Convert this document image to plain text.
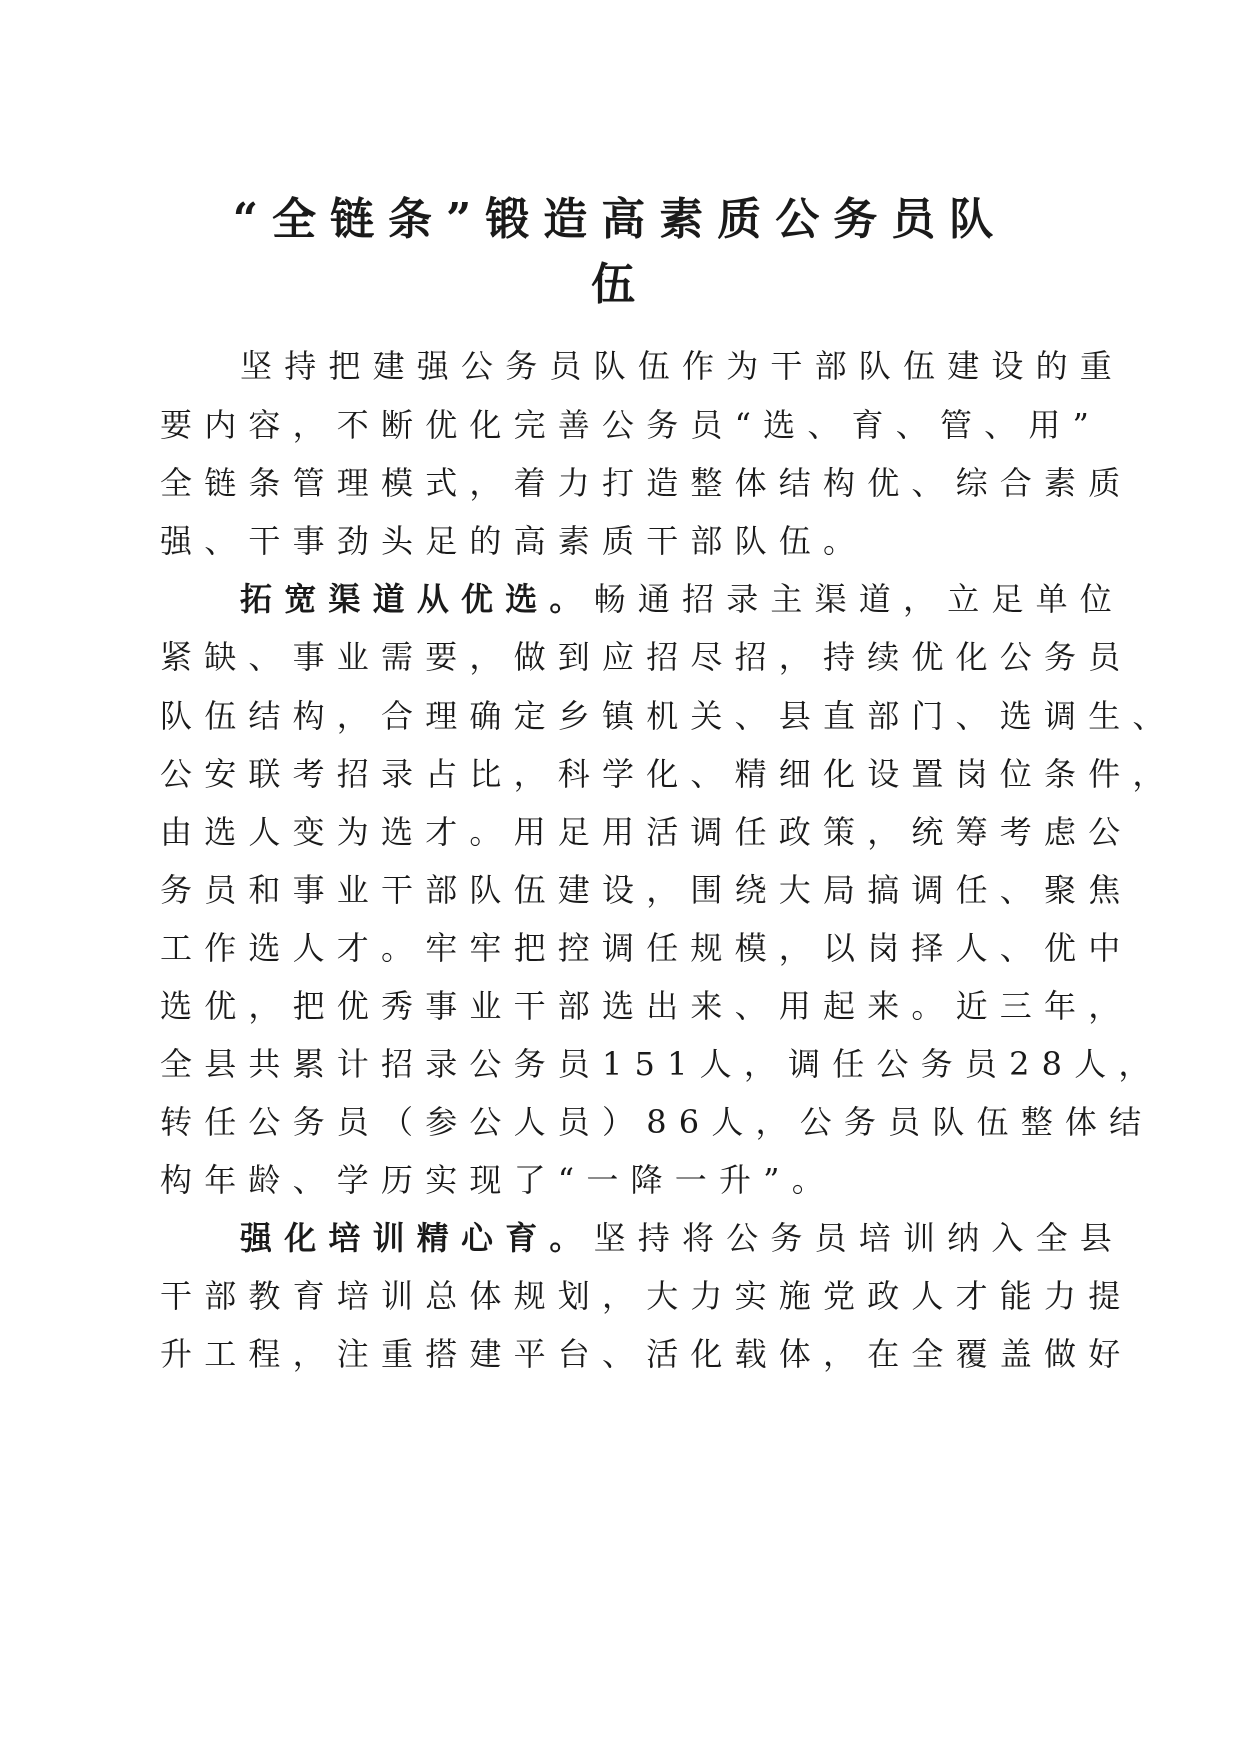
“全链条”锻造高素质公务员队
伍

坚持把建强公务员队伍作为干部队伍建设的重

要内容，不断优化完善公务员“选、育、管、用”

全链条管理模式，着力打造整体结构优、综合素质

强、干事劲头足的高素质干部队伍。

拓宽渠道从优选。畅通招录主渠道，立足单位

紧缺、事业需要，做到应招尽招，持续优化公务员

队伍结构，合理确定乡镇机关、县直部门、选调生、

公安联考招录占比，科学化、精细化设置岗位条件，

由选人变为选才。用足用活调任政策，统筹考虑公

务员和事业干部队伍建设，围绕大局搞调任、聚焦

工作选人才。牢牢把控调任规模，以岗择人、优中

选优，把优秀事业干部选出来、用起来。近三年，

全县共累计招录公务员151人，调任公务员28人，

转任公务员（参公人员）86人，公务员队伍整体结

构年龄、学历实现了“一降一升”。

强化培训精心育。坚持将公务员培训纳入全县

干部教育培训总体规划，大力实施党政人才能力提

升工程，注重搭建平台、活化载体，在全覆盖做好
